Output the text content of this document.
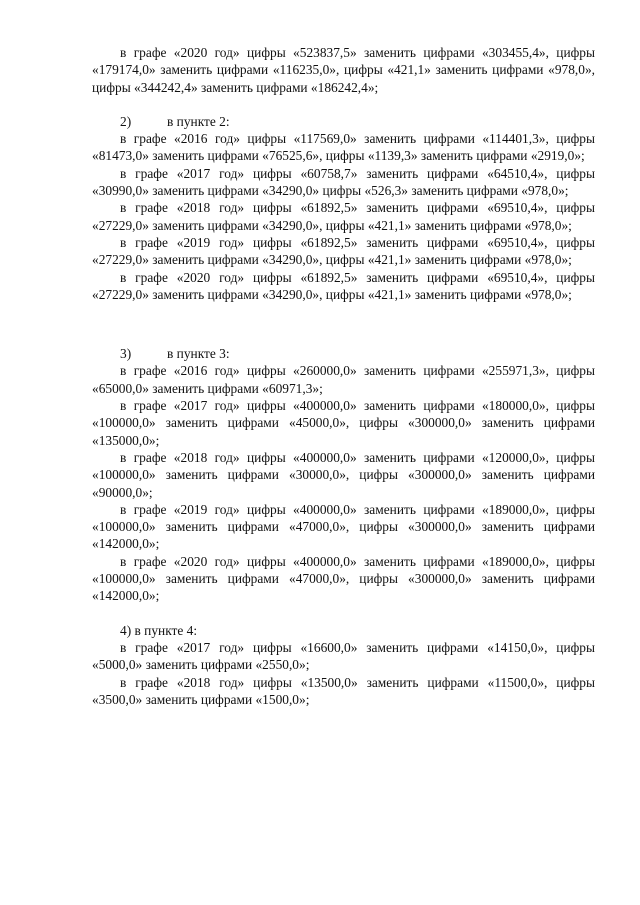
в графе «2020 год» цифры «523837,5» заменить цифрами «303455,4», цифры «179174,0» заменить цифрами «116235,0», цифры «421,1» заменить цифрами «978,0», цифры «344242,4» заменить цифрами «186242,4»;

2)	в пункте 2:

в графе «2016 год» цифры «117569,0» заменить цифрами «114401,3», цифры «81473,0» заменить цифрами «76525,6», цифры «1139,3» заменить цифрами «2919,0»;

в графе «2017 год» цифры «60758,7» заменить цифрами «64510,4», цифры «30990,0» заменить цифрами «34290,0» цифры «526,3» заменить цифрами «978,0»;

в графе «2018 год» цифры «61892,5» заменить цифрами «69510,4», цифры «27229,0» заменить цифрами «34290,0», цифры «421,1» заменить цифрами «978,0»;

в графе «2019 год» цифры «61892,5» заменить цифрами «69510,4», цифры «27229,0» заменить цифрами «34290,0», цифры «421,1» заменить цифрами «978,0»;

в графе «2020 год» цифры «61892,5» заменить цифрами «69510,4», цифры «27229,0» заменить цифрами «34290,0», цифры «421,1» заменить цифрами «978,0»;

3)	в пункте 3:

в графе «2016 год» цифры «260000,0» заменить цифрами «255971,3», цифры «65000,0» заменить цифрами «60971,3»;

в графе «2017 год» цифры «400000,0» заменить цифрами «180000,0», цифры «100000,0» заменить цифрами «45000,0», цифры «300000,0» заменить цифрами «135000,0»;

в графе «2018 год» цифры «400000,0» заменить цифрами «120000,0», цифры «100000,0» заменить цифрами «30000,0», цифры «300000,0» заменить цифрами «90000,0»;

в графе «2019 год» цифры «400000,0» заменить цифрами «189000,0», цифры «100000,0» заменить цифрами «47000,0», цифры «300000,0» заменить цифрами «142000,0»;

в графе «2020 год» цифры «400000,0» заменить цифрами «189000,0», цифры «100000,0» заменить цифрами «47000,0», цифры «300000,0» заменить цифрами «142000,0»;

4) в пункте 4:

в графе «2017 год» цифры «16600,0» заменить цифрами «14150,0», цифры «5000,0» заменить цифрами «2550,0»;

в графе «2018 год» цифры «13500,0» заменить цифрами «11500,0», цифры «3500,0» заменить цифрами «1500,0»;
